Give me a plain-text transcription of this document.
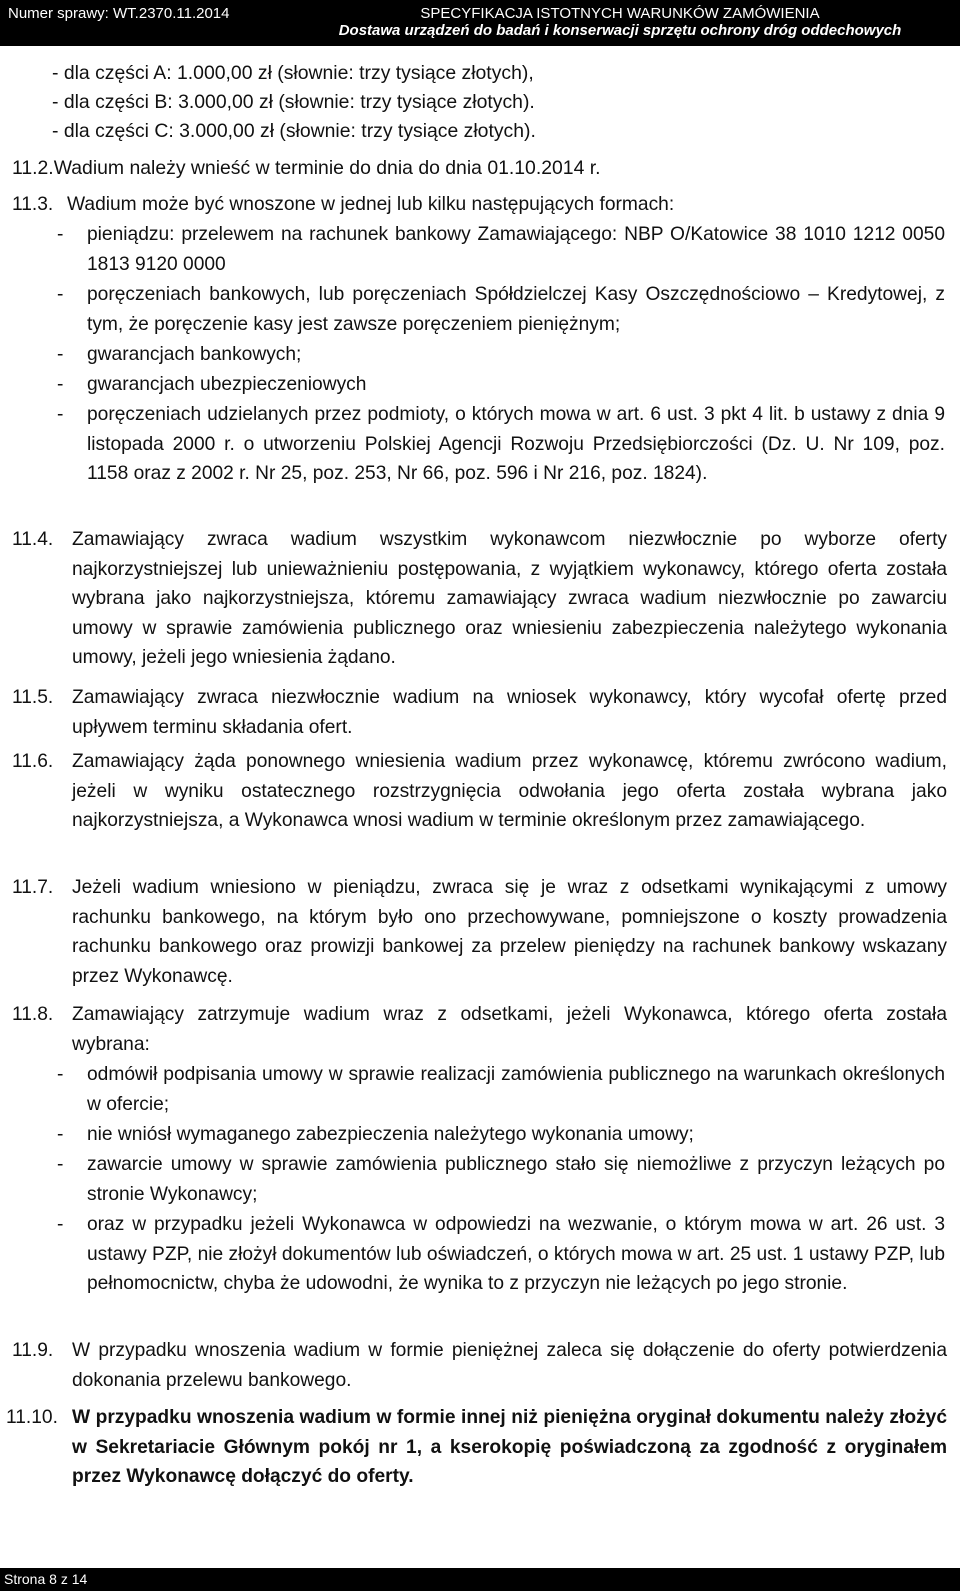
Numer sprawy: WT.2370.11.2014	SPECYFIKACJA ISTOTNYCH WARUNKÓW ZAMÓWIENIA
Dostawa urządzeń do badań i konserwacji sprzętu ochrony dróg oddechowych
- dla części A: 1.000,00 zł (słownie: trzy tysiące złotych),
- dla części B: 3.000,00 zł (słownie: trzy tysiące złotych).
- dla części C: 3.000,00 zł (słownie: trzy tysiące złotych).
11.2.Wadium należy wnieść w terminie do dnia do dnia 01.10.2014 r.
11.3. Wadium może być wnoszone w jednej lub kilku następujących formach:
- pieniądzu: przelewem na rachunek bankowy Zamawiającego: NBP O/Katowice 38 1010 1212 0050 1813 9120 0000
- poręczeniach bankowych, lub poręczeniach Spółdzielczej Kasy Oszczędnościowo – Kredytowej, z tym, że poręczenie kasy jest zawsze poręczeniem pieniężnym;
- gwarancjach bankowych;
- gwarancjach ubezpieczeniowych
- poręczeniach udzielanych przez podmioty, o których mowa w art. 6 ust. 3 pkt 4 lit. b ustawy z dnia 9 listopada 2000 r. o utworzeniu Polskiej Agencji Rozwoju Przedsiębiorczości (Dz. U. Nr 109, poz. 1158 oraz z 2002 r. Nr 25, poz. 253, Nr 66, poz. 596 i Nr 216, poz. 1824).
11.4. Zamawiający zwraca wadium wszystkim wykonawcom niezwłocznie po wyborze oferty najkorzystniejszej lub unieważnieniu postępowania, z wyjątkiem wykonawcy, którego oferta została wybrana jako najkorzystniejsza, któremu zamawiający zwraca wadium niezwłocznie po zawarciu umowy w sprawie zamówienia publicznego oraz wniesieniu zabezpieczenia należytego wykonania umowy, jeżeli jego wniesienia żądano.
11.5. Zamawiający zwraca niezwłocznie wadium na wniosek wykonawcy, który wycofał ofertę przed upływem terminu składania ofert.
11.6. Zamawiający żąda ponownego wniesienia wadium przez wykonawcę, któremu zwrócono wadium, jeżeli w wyniku ostatecznego rozstrzygnięcia odwołania jego oferta została wybrana jako najkorzystniejsza, a Wykonawca wnosi wadium w terminie określonym przez zamawiającego.
11.7. Jeżeli wadium wniesiono w pieniądzu, zwraca się je wraz z odsetkami wynikającymi z umowy rachunku bankowego, na którym było ono przechowywane, pomniejszone o koszty prowadzenia rachunku bankowego oraz prowizji bankowej za przelew pieniędzy na rachunek bankowy wskazany przez Wykonawcę.
11.8. Zamawiający zatrzymuje wadium wraz z odsetkami, jeżeli Wykonawca, którego oferta została wybrana:
- odmówił podpisania umowy w sprawie realizacji zamówienia publicznego na warunkach określonych w ofercie;
- nie wniósł wymaganego zabezpieczenia należytego wykonania umowy;
- zawarcie umowy w sprawie zamówienia publicznego stało się niemożliwe z przyczyn leżących po stronie Wykonawcy;
- oraz w przypadku jeżeli Wykonawca w odpowiedzi na wezwanie, o którym mowa w art. 26 ust. 3 ustawy PZP, nie złożył dokumentów lub oświadczeń, o których mowa w art. 25 ust. 1 ustawy PZP, lub pełnomocnictw, chyba że udowodni, że wynika to z przyczyn nie leżących po jego stronie.
11.9. W przypadku wnoszenia wadium w formie pieniężnej zaleca się dołączenie do oferty potwierdzenia dokonania przelewu bankowego.
11.10. W przypadku wnoszenia wadium w formie innej niż pieniężna oryginał dokumentu należy złożyć w Sekretariacie Głównym pokój nr 1, a kserokopię poświadczoną za zgodność z oryginałem przez Wykonawcę dołączyć do oferty.
Strona 8 z 14
